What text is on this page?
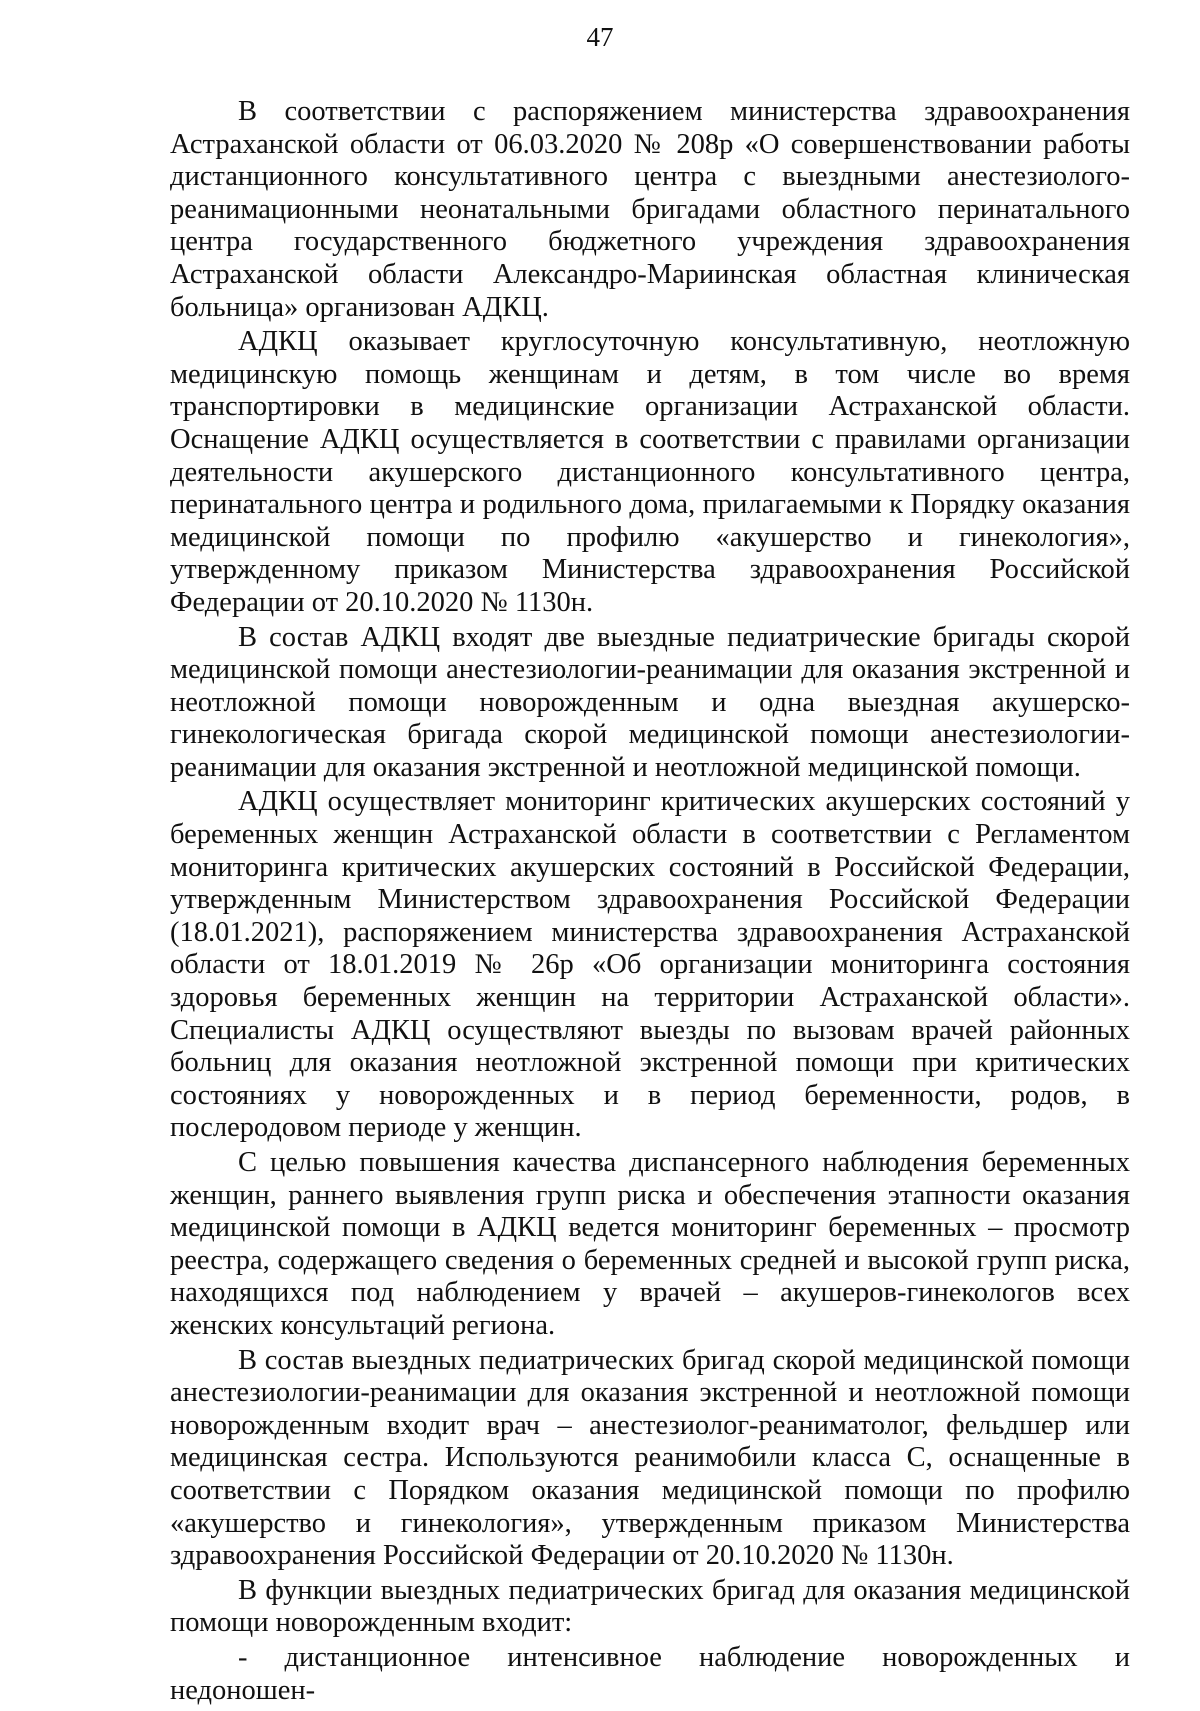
47

В соответствии с распоряжением министерства здравоохранения Астраханской области от 06.03.2020 № 208р «О совершенствовании работы дистанционного консультативного центра с выездными анестезиолого-реанимационными неонатальными бригадами областного перинатального центра государственного бюджетного учреждения здравоохранения Астраханской области Александро-Мариинская областная клиническая больница» организован АДКЦ.

АДКЦ оказывает круглосуточную консультативную, неотложную медицинскую помощь женщинам и детям, в том числе во время транспортировки в медицинские организации Астраханской области. Оснащение АДКЦ осуществляется в соответствии с правилами организации деятельности акушерского дистанционного консультативного центра, перинатального центра и родильного дома, прилагаемыми к Порядку оказания медицинской помощи по профилю «акушерство и гинекология», утвержденному приказом Министерства здравоохранения Российской Федерации от 20.10.2020 № 1130н.

В состав АДКЦ входят две выездные педиатрические бригады скорой медицинской помощи анестезиологии-реанимации для оказания экстренной и неотложной помощи новорожденным и одна выездная акушерско-гинекологическая бригада скорой медицинской помощи анестезиологии-реанимации для оказания экстренной и неотложной медицинской помощи.

АДКЦ осуществляет мониторинг критических акушерских состояний у беременных женщин Астраханской области в соответствии с Регламентом мониторинга критических акушерских состояний в Российской Федерации, утвержденным Министерством здравоохранения Российской Федерации (18.01.2021), распоряжением министерства здравоохранения Астраханской области от 18.01.2019 № 26р «Об организации мониторинга состояния здоровья беременных женщин на территории Астраханской области». Специалисты АДКЦ осуществляют выезды по вызовам врачей районных больниц для оказания неотложной экстренной помощи при критических состояниях у новорожденных и в период беременности, родов, в послеродовом периоде у женщин.

С целью повышения качества диспансерного наблюдения беременных женщин, раннего выявления групп риска и обеспечения этапности оказания медицинской помощи в АДКЦ ведется мониторинг беременных – просмотр реестра, содержащего сведения о беременных средней и высокой групп риска, находящихся под наблюдением у врачей – акушеров-гинекологов всех женских консультаций региона.

В состав выездных педиатрических бригад скорой медицинской помощи анестезиологии-реанимации для оказания экстренной и неотложной помощи новорожденным входит врач – анестезиолог-реаниматолог, фельдшер или медицинская сестра. Используются реанимобили класса С, оснащенные в соответствии с Порядком оказания медицинской помощи по профилю «акушерство и гинекология», утвержденным приказом Министерства здравоохранения Российской Федерации от 20.10.2020 № 1130н.

В функции выездных педиатрических бригад для оказания медицинской помощи новорожденным входит:

- дистанционное интенсивное наблюдение новорожденных и недоношен-
